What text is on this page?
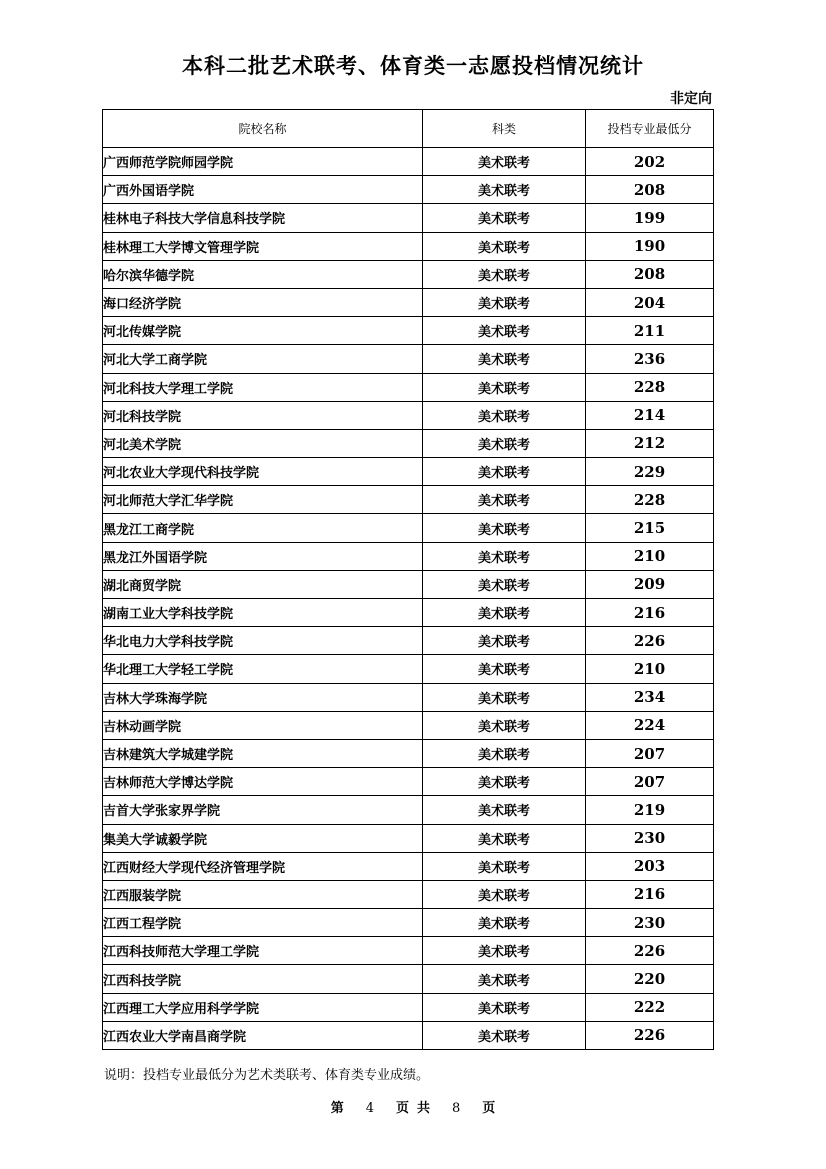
本科二批艺术联考、体育类一志愿投档情况统计
非定向
院校名称	科类	投档专业最低分
广西师范学院师园学院	美术联考	202
广西外国语学院	美术联考	208
桂林电子科技大学信息科技学院	美术联考	199
桂林理工大学博文管理学院	美术联考	190
哈尔滨华德学院	美术联考	208
海口经济学院	美术联考	204
河北传媒学院	美术联考	211
河北大学工商学院	美术联考	236
河北科技大学理工学院	美术联考	228
河北科技学院	美术联考	214
河北美术学院	美术联考	212
河北农业大学现代科技学院	美术联考	229
河北师范大学汇华学院	美术联考	228
黑龙江工商学院	美术联考	215
黑龙江外国语学院	美术联考	210
湖北商贸学院	美术联考	209
湖南工业大学科技学院	美术联考	216
华北电力大学科技学院	美术联考	226
华北理工大学轻工学院	美术联考	210
吉林大学珠海学院	美术联考	234
吉林动画学院	美术联考	224
吉林建筑大学城建学院	美术联考	207
吉林师范大学博达学院	美术联考	207
吉首大学张家界学院	美术联考	219
集美大学诚毅学院	美术联考	230
江西财经大学现代经济管理学院	美术联考	203
江西服装学院	美术联考	216
江西工程学院	美术联考	230
江西科技师范大学理工学院	美术联考	226
江西科技学院	美术联考	220
江西理工大学应用科学学院	美术联考	222
江西农业大学南昌商学院	美术联考	226
说明：投档专业最低分为艺术类联考、体育类专业成绩。
第 4 页 共 8 页
